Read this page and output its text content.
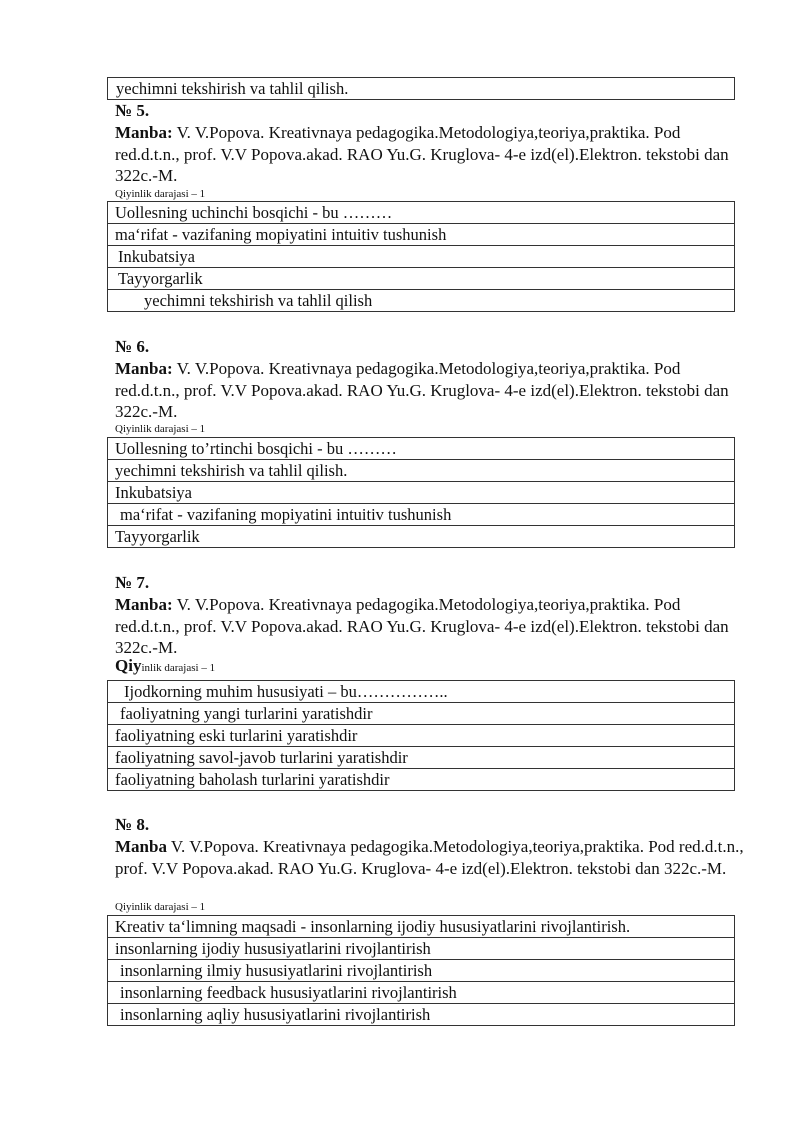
yechimni tekshirish va tahlil qilish.
№ 5.
Manba: V. V.Popova. Kreativnaya pedagogika.Metodologiya,teoriya,praktika. Pod red.d.t.n., prof. V.V Popova.akad. RAO Yu.G. Kruglova- 4-e izd(el).Elektron. tekstobi dan 322c.-M.
Qiyinlik darajasi – 1
Uollesning uchinchi bosqichi - bu ………
ma‘rifat - vazifaning mopiyatini intuitiv tushunish
Inkubatsiya
Tayyorgarlik
yechimni tekshirish va tahlil qilish
№ 6.
Manba: V. V.Popova. Kreativnaya pedagogika.Metodologiya,teoriya,praktika. Pod red.d.t.n., prof. V.V Popova.akad. RAO Yu.G. Kruglova- 4-e izd(el).Elektron. tekstobi dan 322c.-M.
Qiyinlik darajasi – 1
Uollesning to’rtinchi bosqichi - bu ………
yechimni tekshirish va tahlil qilish.
Inkubatsiya
ma‘rifat - vazifaning mopiyatini intuitiv tushunish
Tayyorgarlik
№ 7.
Manba: V. V.Popova. Kreativnaya pedagogika.Metodologiya,teoriya,praktika. Pod red.d.t.n., prof. V.V Popova.akad. RAO Yu.G. Kruglova- 4-e izd(el).Elektron. tekstobi dan 322c.-M.
Qiyinlik darajasi – 1
Ijodkorning muhim hususiyati – bu……………..
faoliyatning yangi turlarini yaratishdir
faoliyatning eski turlarini yaratishdir
faoliyatning savol-javob turlarini yaratishdir
faoliyatning baholash turlarini yaratishdir
№ 8.
Manba V. V.Popova. Kreativnaya pedagogika.Metodologiya,teoriya,praktika. Pod red.d.t.n., prof. V.V Popova.akad. RAO Yu.G. Kruglova- 4-e izd(el).Elektron. tekstobi dan 322c.-M.
Qiyinlik darajasi – 1
Kreativ ta‘limning maqsadi - insonlarning ijodiy hususiyatlarini rivojlantirish.
insonlarning ijodiy hususiyatlarini rivojlantirish
insonlarning ilmiy hususiyatlarini rivojlantirish
insonlarning feedback hususiyatlarini rivojlantirish
insonlarning aqliy hususiyatlarini rivojlantirish
